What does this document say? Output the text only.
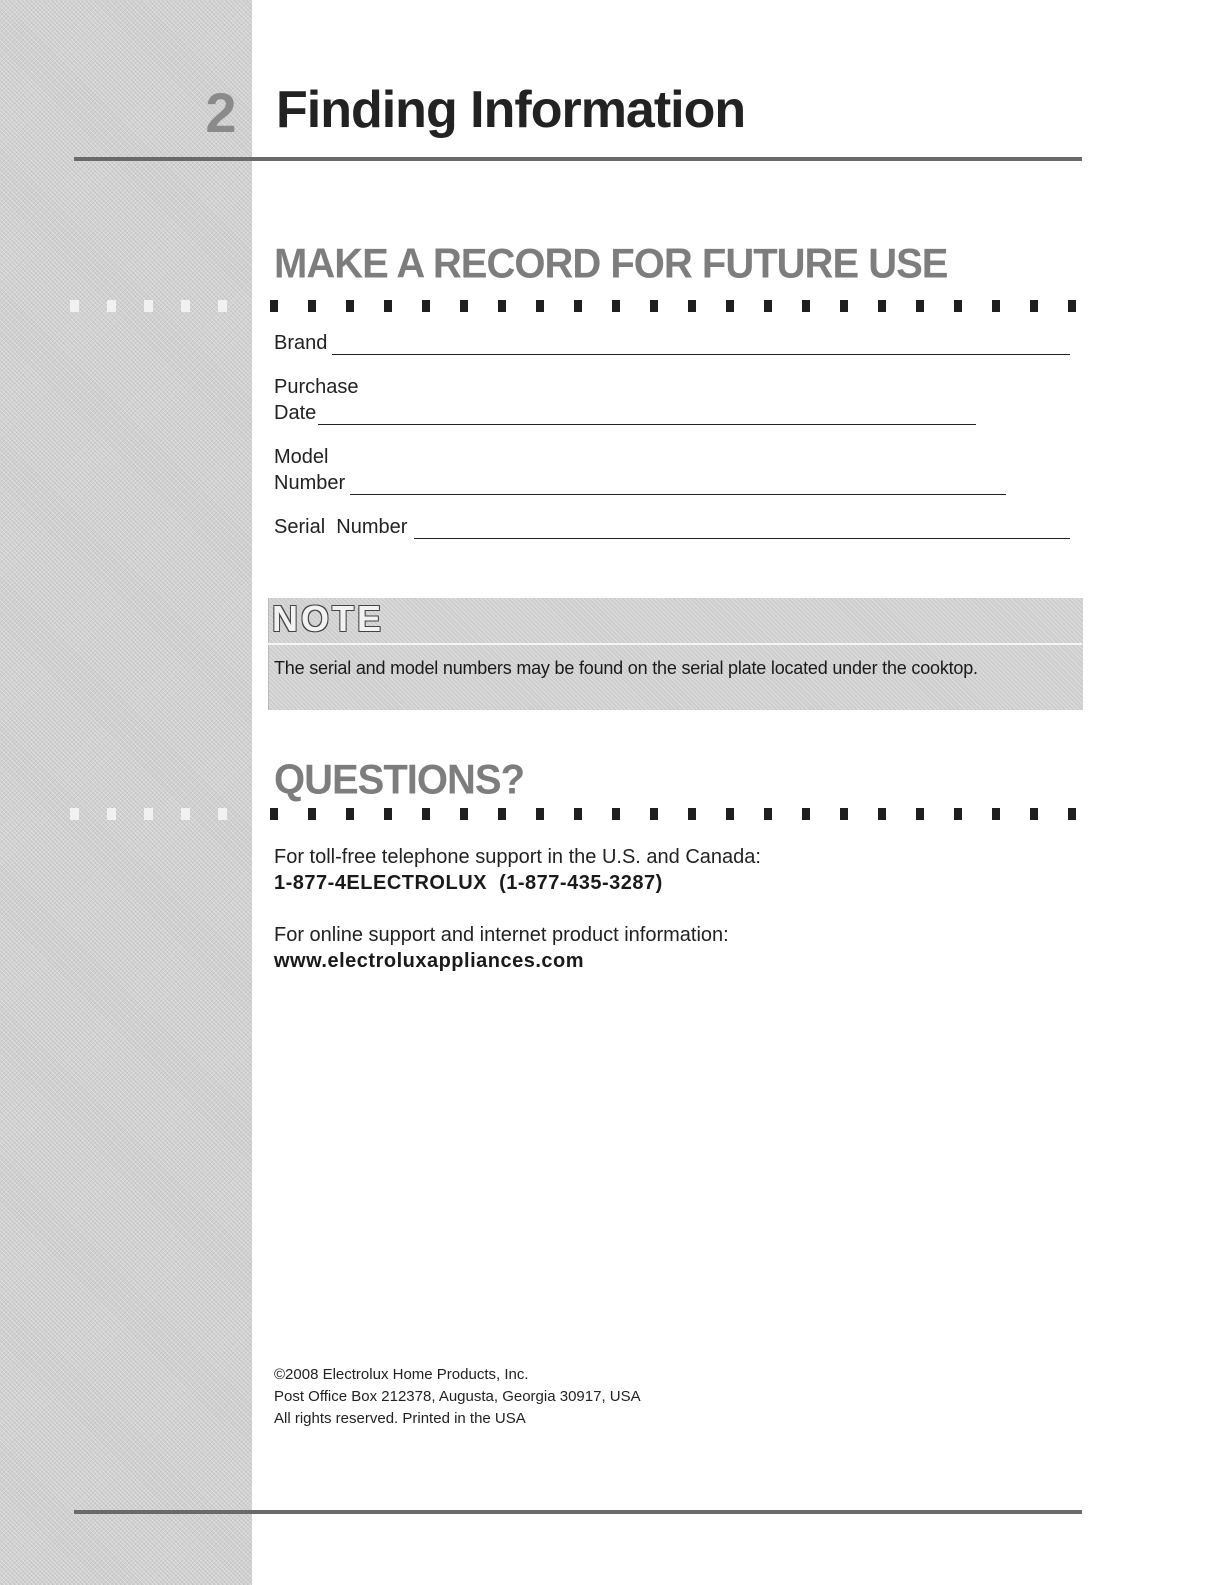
2 Finding Information
MAKE A RECORD FOR FUTURE USE
Brand
Purchase
Date
Model
Number
Serial  Number
NOTE
The serial and model numbers may be found on the serial plate located under the cooktop.
QUESTIONS?
For toll-free telephone support in the U.S. and Canada:
1-877-4ELECTROLUX  (1-877-435-3287)
For online support and internet product information:
www.electroluxappliances.com
©2008 Electrolux Home Products, Inc.
Post Office Box 212378, Augusta, Georgia 30917, USA
All rights reserved. Printed in the USA
